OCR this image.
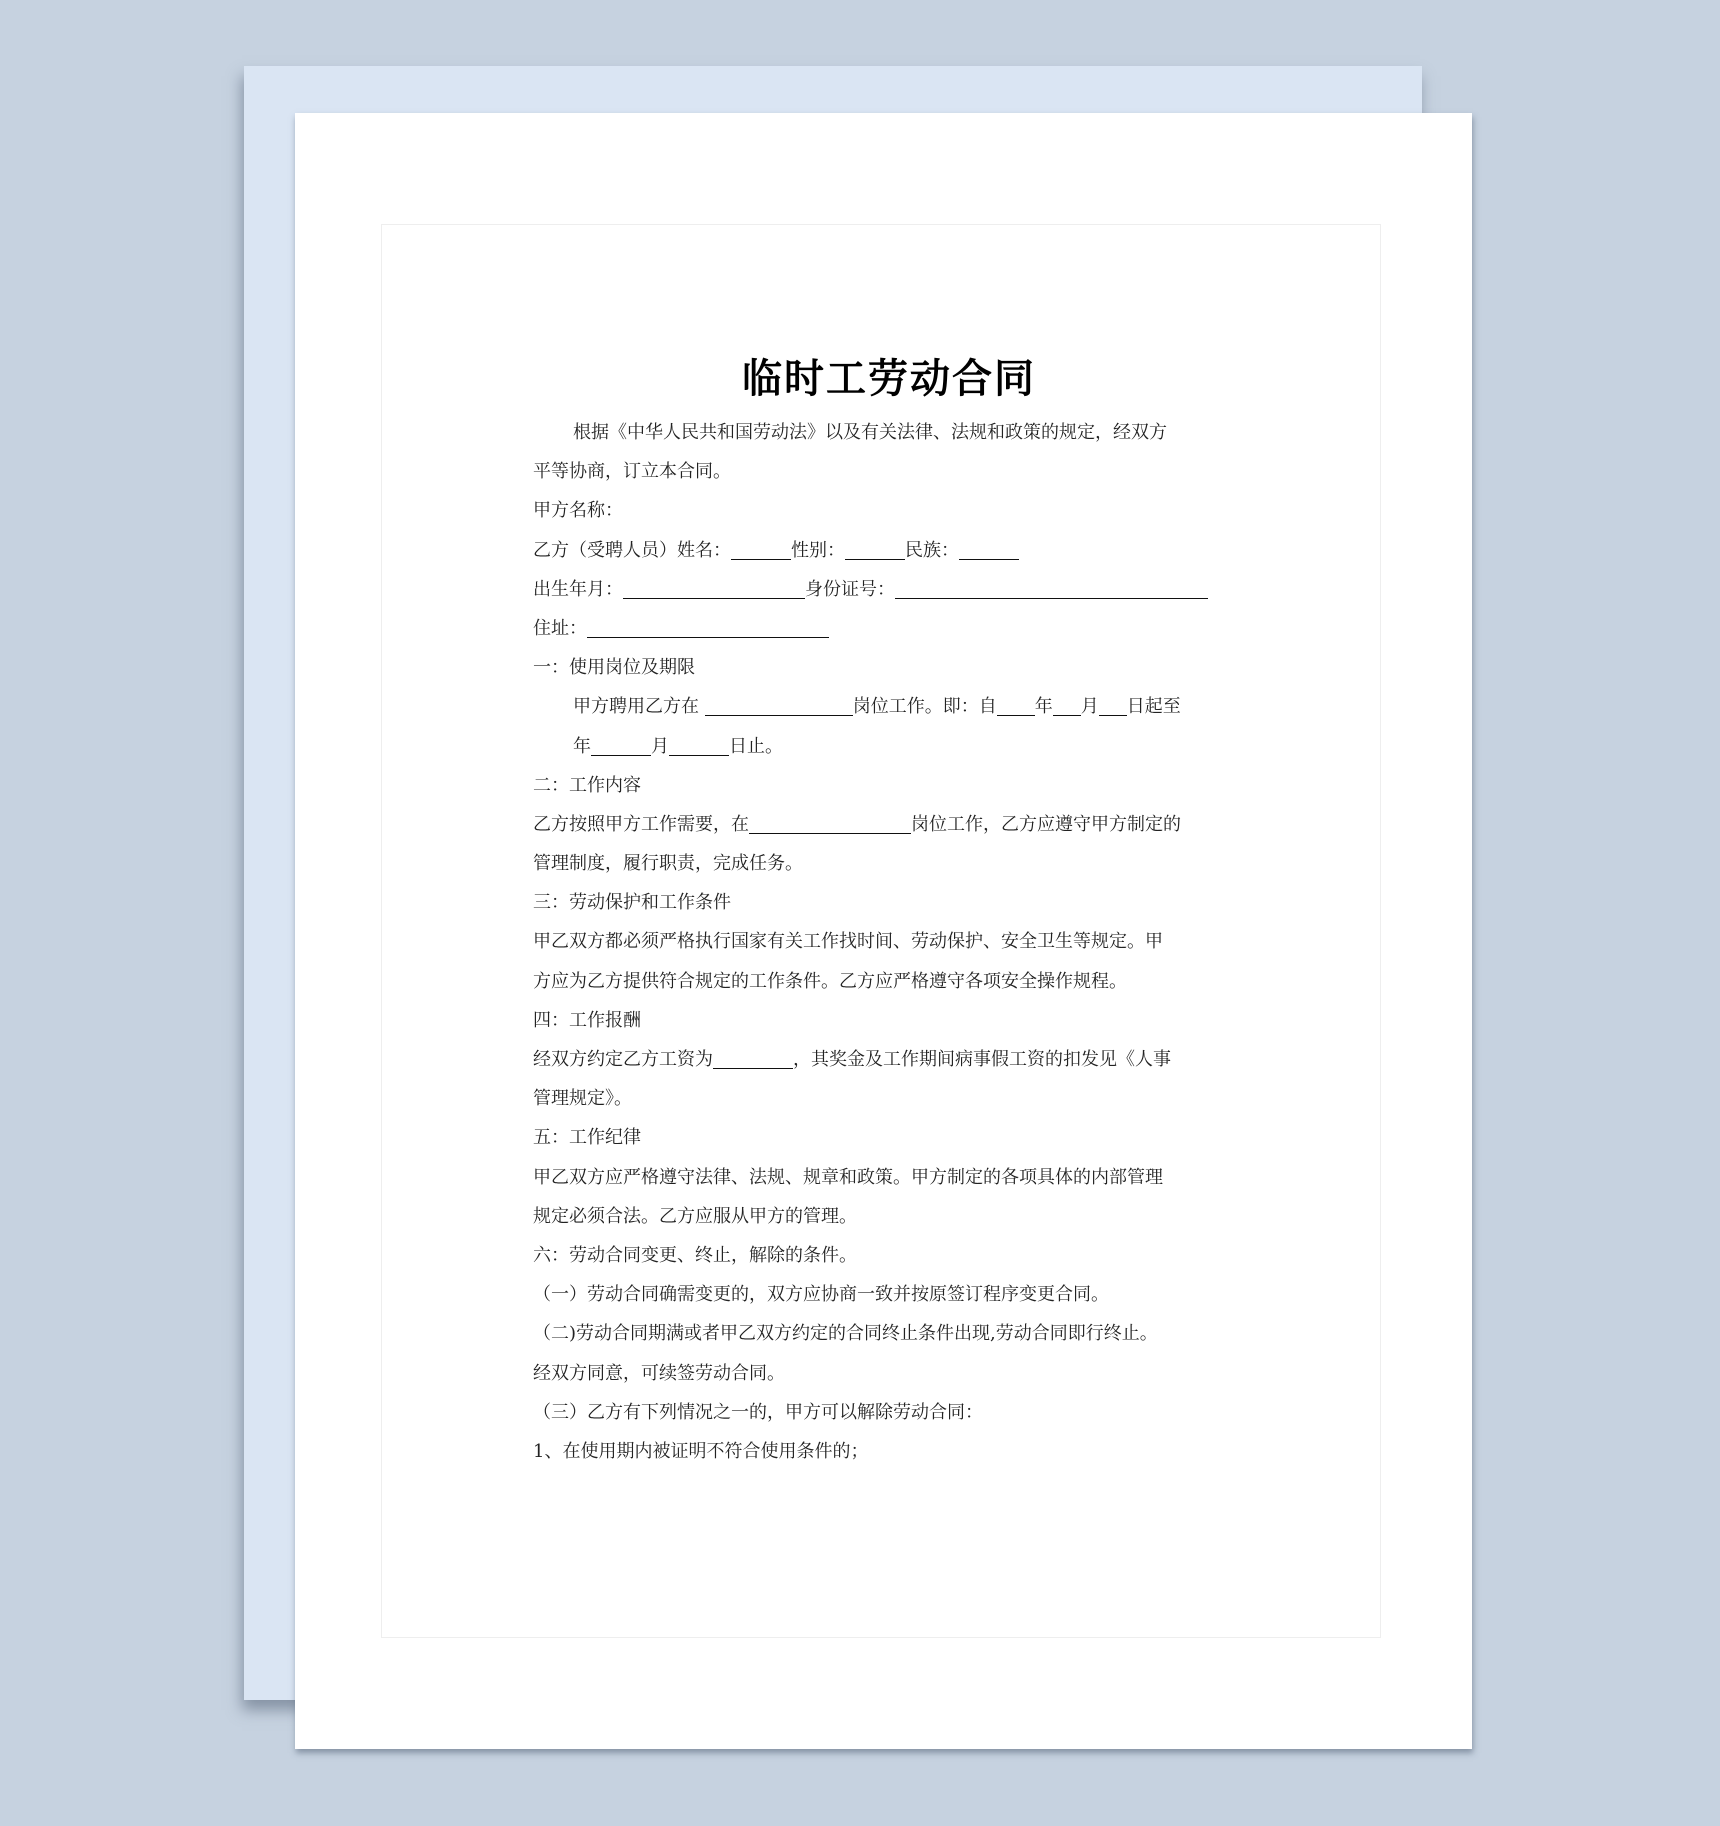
临时工劳动合同
根据《中华人民共和国劳动法》以及有关法律、法规和政策的规定，经双方
平等协商，订立本合同。
甲方名称：
乙方（受聘人员）姓名：	性别：	民族：
出生年月：	身份证号：
住址：
一：使用岗位及期限
甲方聘用乙方在	岗位工作。即：自 年 月 日起至
年	月	日止。
二：工作内容
乙方按照甲方工作需要，在	岗位工作，乙方应遵守甲方制定的
管理制度，履行职责，完成任务。
三：劳动保护和工作条件
甲乙双方都必须严格执行国家有关工作找时间、劳动保护、安全卫生等规定。甲
方应为乙方提供符合规定的工作条件。乙方应严格遵守各项安全操作规程。
四：工作报酬
经双方约定乙方工资为	，其奖金及工作期间病事假工资的扣发见《人事
管理规定》。
五：工作纪律
甲乙双方应严格遵守法律、法规、规章和政策。甲方制定的各项具体的内部管理
规定必须合法。乙方应服从甲方的管理。
六：劳动合同变更、终止，解除的条件。
（一）劳动合同确需变更的，双方应协商一致并按原签订程序变更合同。
（二)劳动合同期满或者甲乙双方约定的合同终止条件出现,劳动合同即行终止。
经双方同意，可续签劳动合同。
（三）乙方有下列情况之一的，甲方可以解除劳动合同：
1、在使用期内被证明不符合使用条件的；
